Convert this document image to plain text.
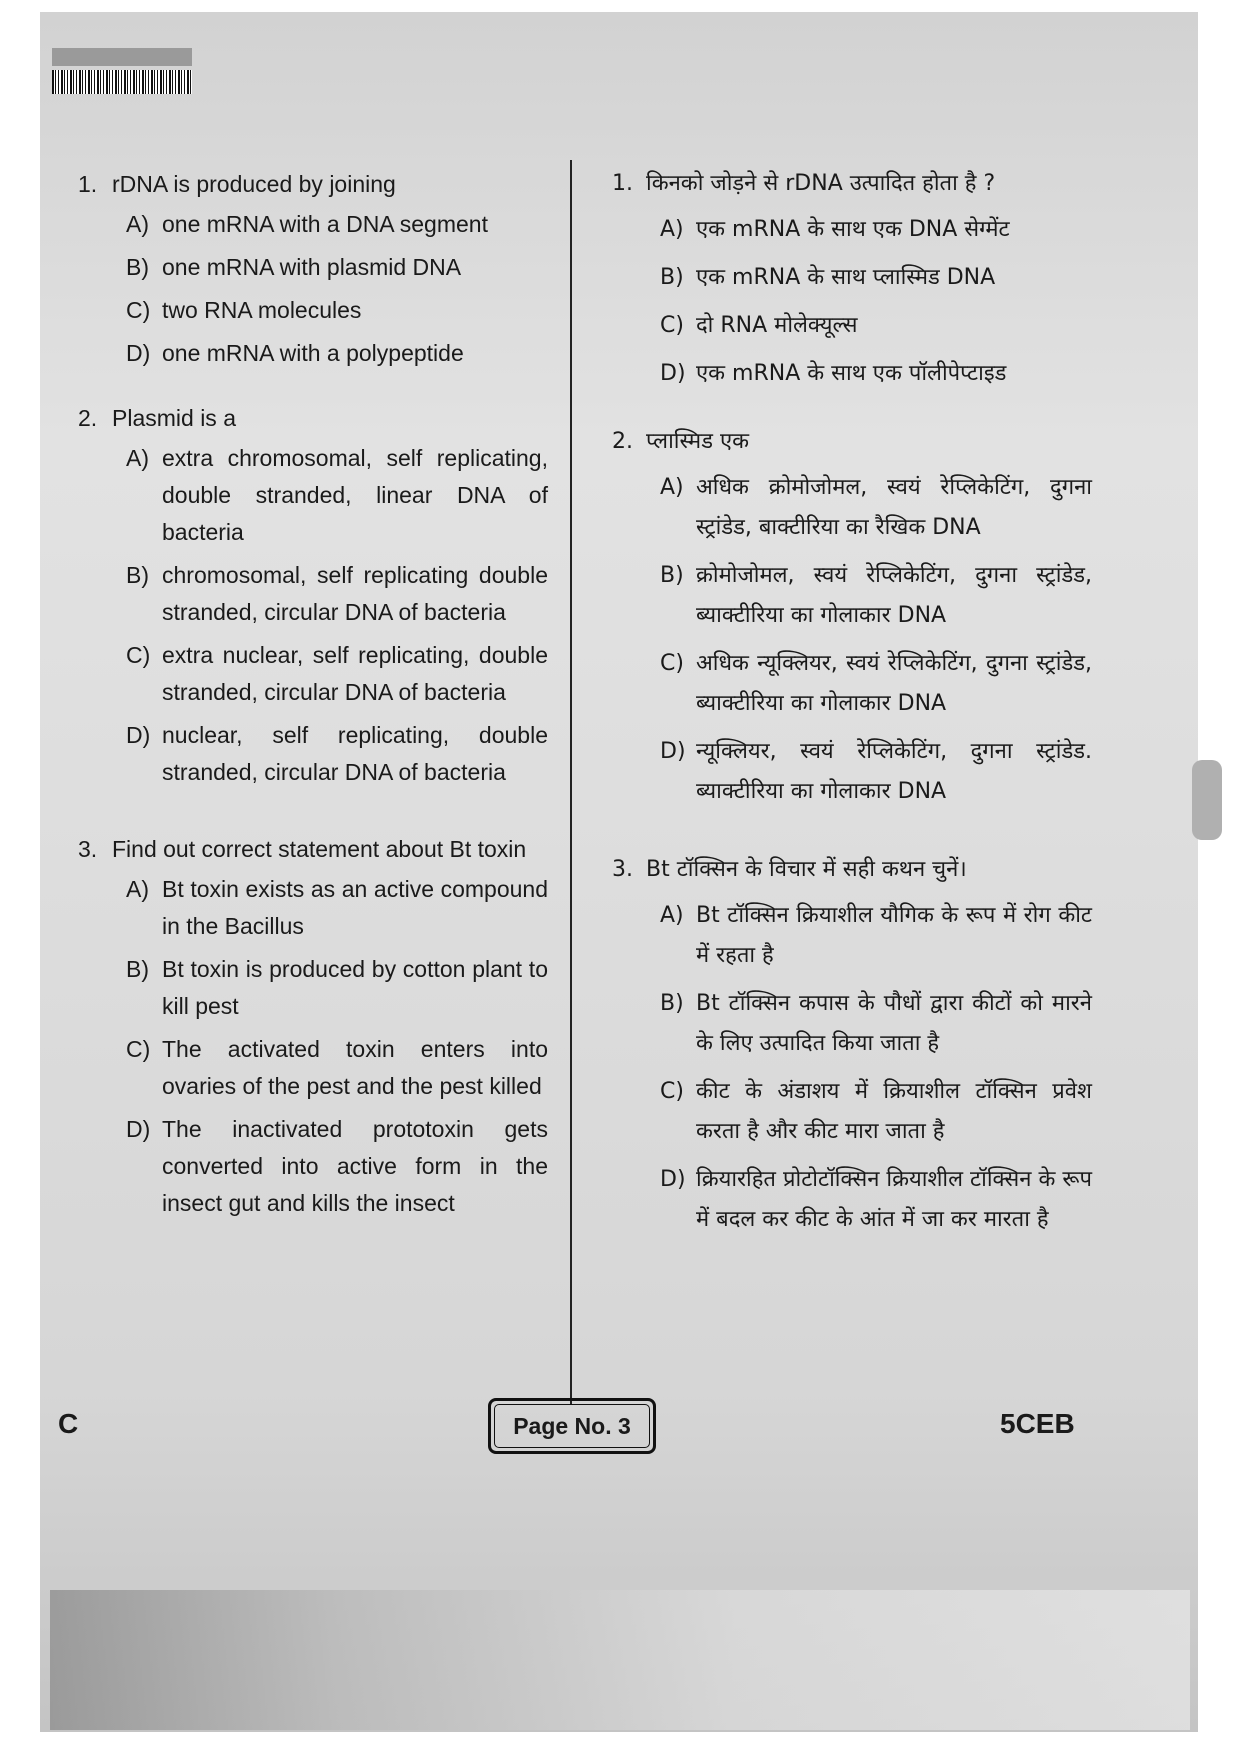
1. rDNA is produced by joining
A) one mRNA with a DNA segment
B) one mRNA with plasmid DNA
C) two RNA molecules
D) one mRNA with a polypeptide
2. Plasmid is a
A) extra chromosomal, self replicating, double stranded, linear DNA of bacteria
B) chromosomal, self replicating double stranded, circular DNA of bacteria
C) extra nuclear, self replicating, double stranded, circular DNA of bacteria
D) nuclear, self replicating, double stranded, circular DNA of bacteria
3. Find out correct statement about Bt toxin
A) Bt toxin exists as an active compound in the Bacillus
B) Bt toxin is produced by cotton plant to kill pest
C) The activated toxin enters into ovaries of the pest and the pest killed
D) The inactivated prototoxin gets converted into active form in the insect gut and kills the insect
1. किनको जोड़ने से rDNA उत्पादित होता है ?
A) एक mRNA के साथ एक DNA सेग्मेंट
B) एक mRNA के साथ प्लास्मिड DNA
C) दो RNA मोलेक्यूल्स
D) एक mRNA के साथ एक पॉलीपेप्टाइड
2. प्लास्मिड एक
A) अधिक क्रोमोजोमल, स्वयं रेप्लिकेटिंग, दुगना स्ट्रांडेड, बाक्टीरिया का रैखिक DNA
B) क्रोमोजोमल, स्वयं रेप्लिकेटिंग, दुगना स्ट्रांडेड, ब्याक्टीरिया का गोलाकार DNA
C) अधिक न्यूक्लियर, स्वयं रेप्लिकेटिंग, दुगना स्ट्रांडेड, ब्याक्टीरिया का गोलाकार DNA
D) न्यूक्लियर, स्वयं रेप्लिकेटिंग, दुगना स्ट्रांडेड. ब्याक्टीरिया का गोलाकार DNA
3. Bt टॉक्सिन के विचार में सही कथन चुनें।
A) Bt टॉक्सिन क्रियाशील यौगिक के रूप में रोग कीट में रहता है
B) Bt टॉक्सिन कपास के पौधों द्वारा कीटों को मारने के लिए उत्पादित किया जाता है
C) कीट के अंडाशय में क्रियाशील टॉक्सिन प्रवेश करता है और कीट मारा जाता है
D) क्रियारहित प्रोटोटॉक्सिन क्रियाशील टॉक्सिन के रूप में बदल कर कीट के आंत में जा कर मारता है
C	Page No. 3	5CEB
